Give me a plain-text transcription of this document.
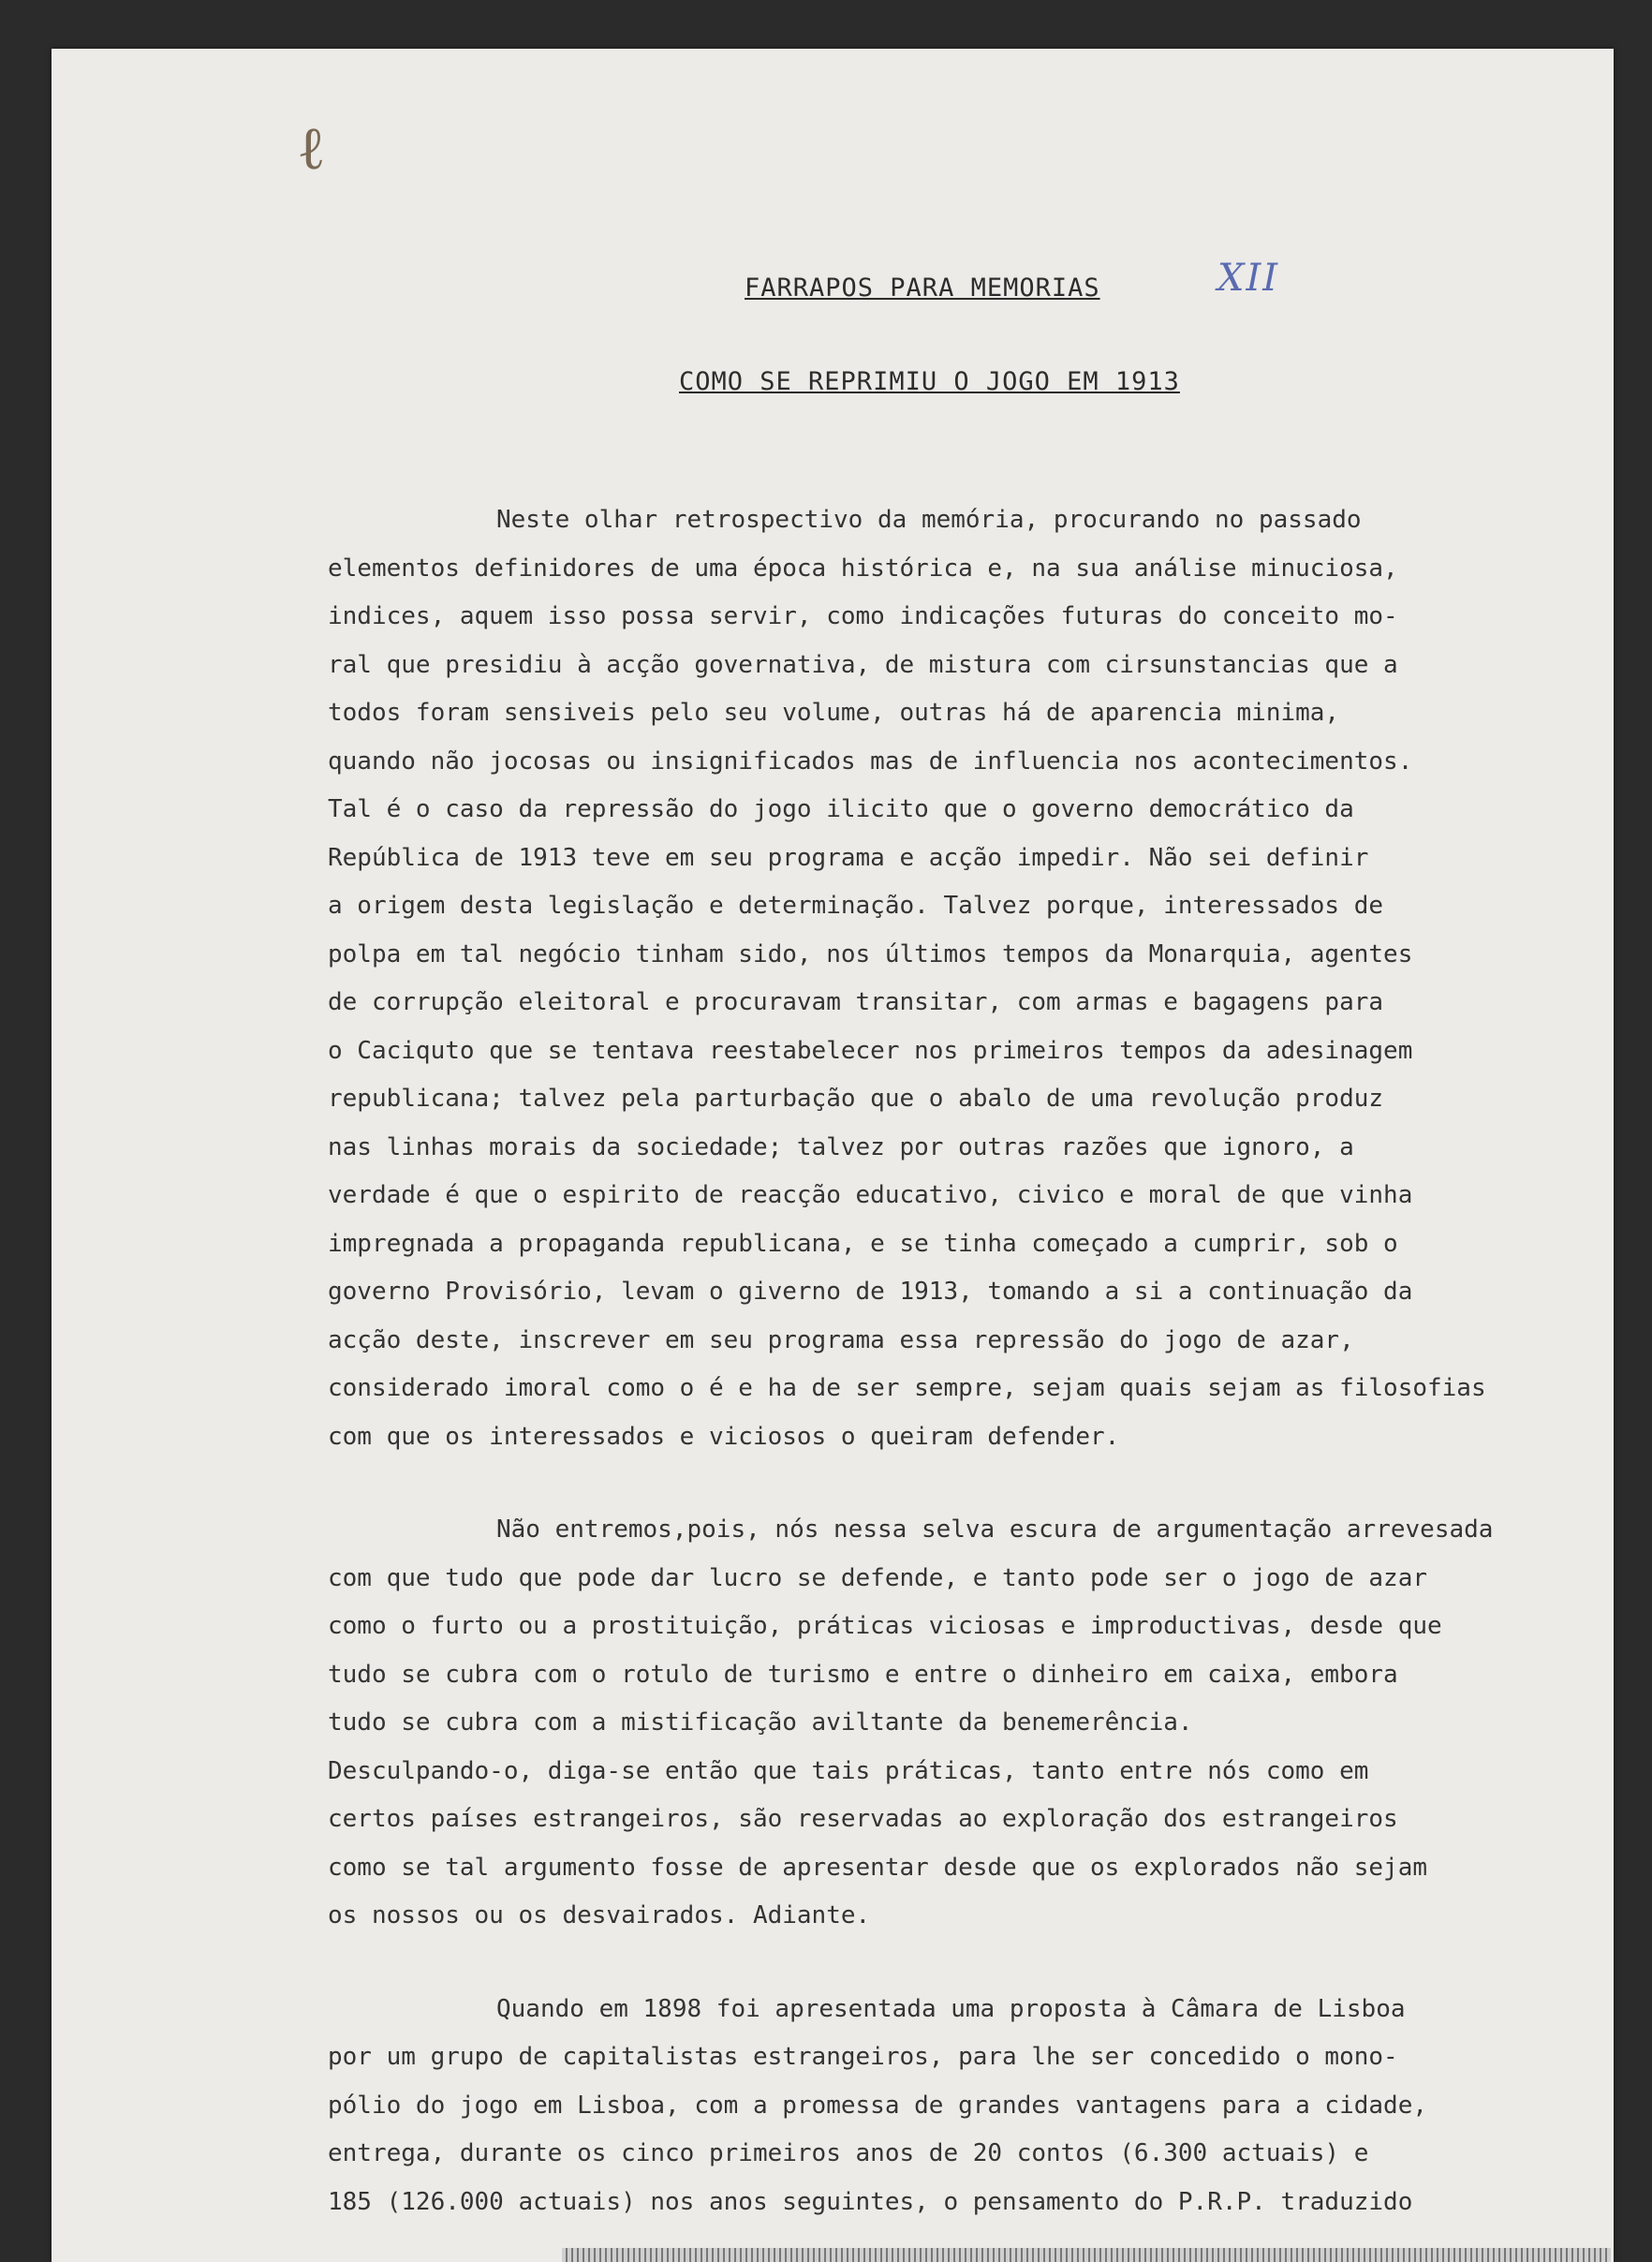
ℓ
XII
FARRAPOS PARA MEMORIAS
COMO SE REPRIMIU O JOGO EM 1913
Neste olhar retrospectivo da memória, procurando no passado
elementos definidores de uma época histórica e, na sua análise minuciosa,
indices, aquem isso possa servir, como indicações futuras do conceito mo-
ral que presidiu à acção governativa, de mistura com cirsunstancias que a
todos foram sensiveis pelo seu volume, outras há de aparencia minima,
quando não jocosas ou insignificados mas de influencia nos acontecimentos.
Tal é o caso da repressão do jogo ilicito que o governo democrático da
República de 1913 teve em seu programa e acção impedir. Não sei definir
a origem desta legislação e determinação. Talvez porque, interessados de
polpa em tal negócio tinham sido, nos últimos tempos da Monarquia, agentes
de corrupção eleitoral e procuravam transitar, com armas e bagagens para
o Caciquto que se tentava reestabelecer nos primeiros tempos da adesinagem
republicana; talvez pela parturbação que o abalo de uma revolução produz
nas linhas morais da sociedade; talvez por outras razões que ignoro, a
verdade é que o espirito de reacção educativo, civico e moral de que vinha
impregnada a propaganda republicana, e se tinha começado a cumprir, sob o
governo Provisório, levam o giverno de 1913, tomando a si a continuação da
acção deste, inscrever em seu programa essa repressão do jogo de azar,
considerado imoral como o é e ha de ser sempre, sejam quais sejam as filosofias
com que os interessados e viciosos o queiram defender.
Não entremos,pois, nós nessa selva escura de argumentação arrevesada
com que tudo que pode dar lucro se defende, e tanto pode ser o jogo de azar
como o furto ou a prostituição, práticas viciosas e improductivas, desde que
tudo se cubra com o rotulo de turismo e entre o dinheiro em caixa, embora
tudo se cubra com a mistificação aviltante da benemerência.
Desculpando-o, diga-se então que tais práticas, tanto entre nós como em
certos países estrangeiros, são reservadas ao exploração dos estrangeiros
como se tal argumento fosse de apresentar desde que os explorados não sejam
os nossos ou os desvairados. Adiante.
Quando em 1898 foi apresentada uma proposta à Câmara de Lisboa
por um grupo de capitalistas estrangeiros, para lhe ser concedido o mono-
pólio do jogo em Lisboa, com a promessa de grandes vantagens para a cidade,
entrega, durante os cinco primeiros anos de 20 contos (6.300 actuais) e
185 (126.000 actuais) nos anos seguintes, o pensamento do P.R.P. traduzido
